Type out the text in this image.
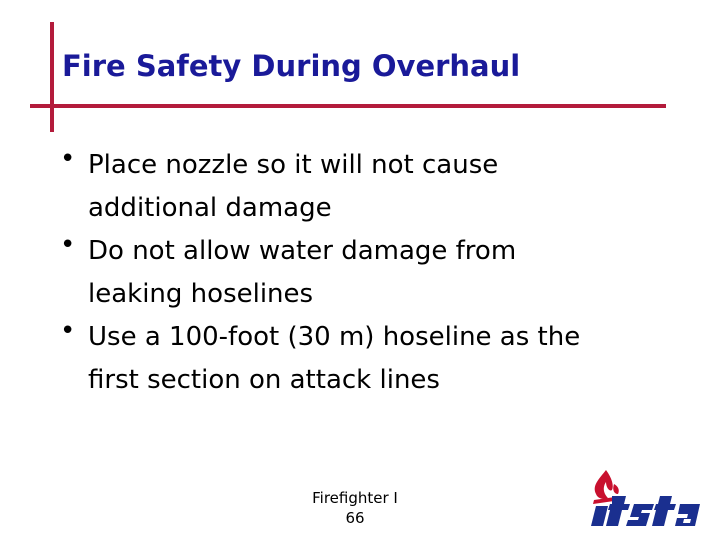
Fire Safety During Overhaul
• Place nozzle so it will not cause
additional damage
• Do not allow water damage from
leaking hoselines
• Use a 100-foot (30 m) hoseline as the
first section on attack lines
Firefighter I
66
